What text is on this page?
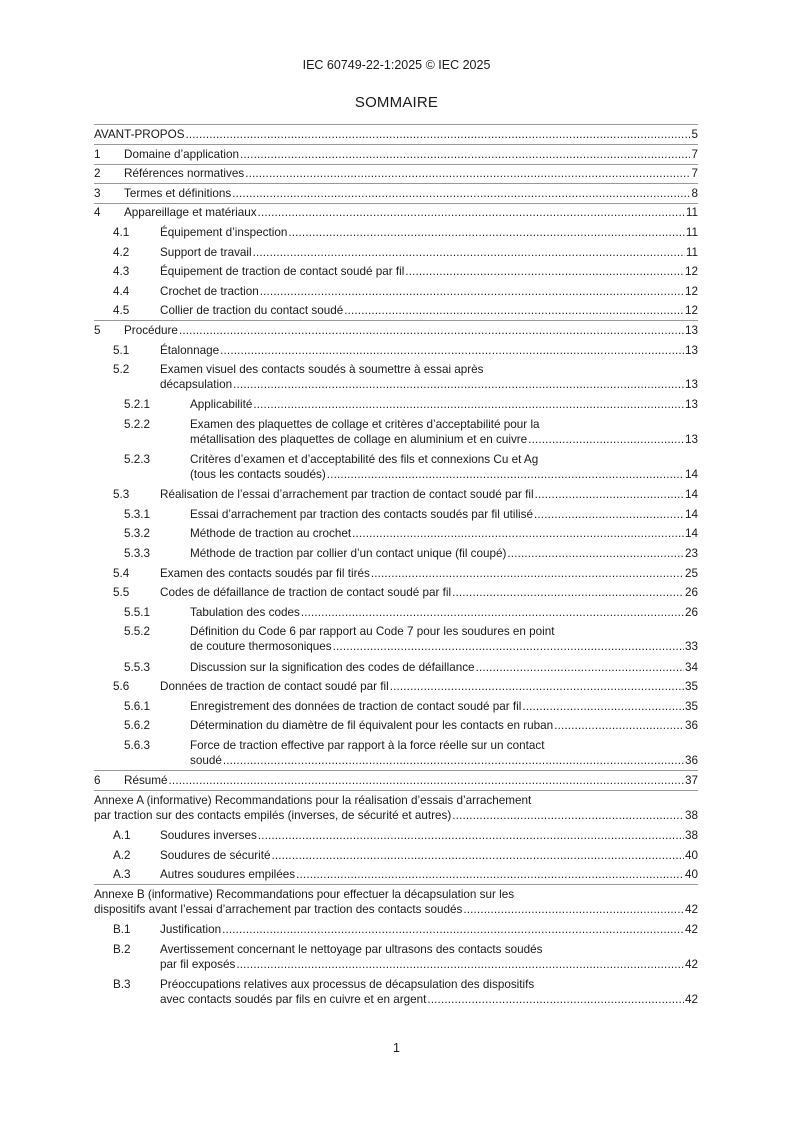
IEC 60749-22-1:2025 © IEC 2025
SOMMAIRE
AVANT-PROPOS . . .	5
1 Domaine d’application . . .	7
2 Références normatives . . .	7
3 Termes et définitions . . .	8
4 Appareillage et matériaux . . .	11
4.1	Équipement d’inspection . . .	11
4.2	Support de travail . . .	11
4.3	Équipement de traction de contact soudé par fil . . .	12
4.4	Crochet de traction . . .	12
4.5	Collier de traction du contact soudé . . .	12
5 Procédure . . .	13
5.1	Étalonnage . . .	13
5.2	Examen visuel des contacts soudés à soumettre à essai après
décapsulation . . .	13
5.2.1	Applicabilité . . .	13
5.2.2	Examen des plaquettes de collage et critères d’acceptabilité pour la
métallisation des plaquettes de collage en aluminium et en cuivre . . .	13
5.2.3	Critères d’examen et d’acceptabilité des fils et connexions Cu et Ag
(tous les contacts soudés) . . .	14
5.3	Réalisation de l’essai d’arrachement par traction de contact soudé par fil . . .	14
5.3.1	Essai d’arrachement par traction des contacts soudés par fil utilisé . . .	14
5.3.2	Méthode de traction au crochet . . .	14
5.3.3	Méthode de traction par collier d’un contact unique (fil coupé) . . .	23
5.4	Examen des contacts soudés par fil tirés . . .	25
5.5	Codes de défaillance de traction de contact soudé par fil . . .	26
5.5.1	Tabulation des codes . . .	26
5.5.2	Définition du Code 6 par rapport au Code 7 pour les soudures en point
de couture thermosoniques . . .	33
5.5.3	Discussion sur la signification des codes de défaillance . . .	34
5.6	Données de traction de contact soudé par fil . . .	35
5.6.1	Enregistrement des données de traction de contact soudé par fil . . .	35
5.6.2	Détermination du diamètre de fil équivalent pour les contacts en ruban . . .	36
5.6.3	Force de traction effective par rapport à la force réelle sur un contact
soudé . . .	36
6 Résumé . . .	37
Annexe A (informative) Recommandations pour la réalisation d’essais d’arrachement
par traction sur des contacts empilés (inverses, de sécurité et autres) . . .	38
A.1	Soudures inverses . . .	38
A.2	Soudures de sécurité . . .	40
A.3	Autres soudures empilées . . .	40
Annexe B (informative) Recommandations pour effectuer la décapsulation sur les
dispositifs avant l’essai d’arrachement par traction des contacts soudés . . .	42
B.1	Justification . . .	42
B.2	Avertissement concernant le nettoyage par ultrasons des contacts soudés
par fil exposés . . .	42
B.3	Préoccupations relatives aux processus de décapsulation des dispositifs
avec contacts soudés par fils en cuivre et en argent . . .	42
1
